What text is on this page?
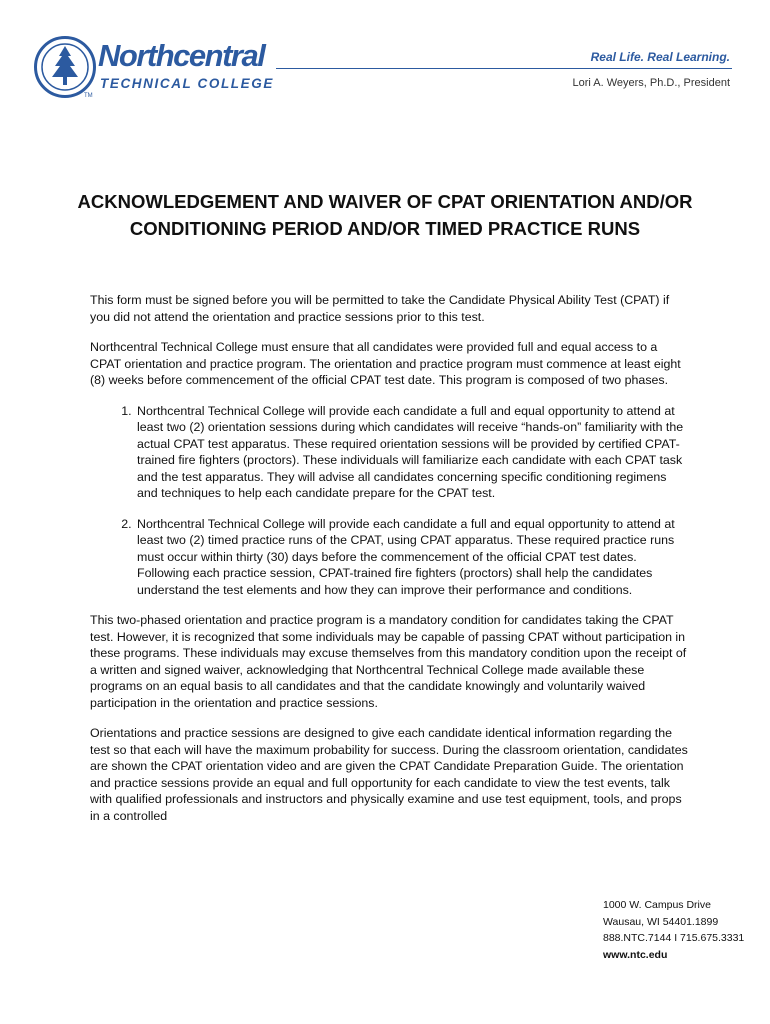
Northcentral
TECHNICAL COLLEGE
TM
Real Life. Real Learning.
Lori A. Weyers, Ph.D., President
ACKNOWLEDGEMENT AND WAIVER OF CPAT ORIENTATION AND/OR CONDITIONING PERIOD AND/OR TIMED PRACTICE RUNS

This form must be signed before you will be permitted to take the Candidate Physical Ability Test (CPAT) if you did not attend the orientation and practice sessions prior to this test.

Northcentral Technical College must ensure that all candidates were provided full and equal access to a CPAT orientation and practice program. The orientation and practice program must commence at least eight (8) weeks before commencement of the official CPAT test date. This program is composed of two phases.

1. Northcentral Technical College will provide each candidate a full and equal opportunity to attend at least two (2) orientation sessions during which candidates will receive “hands-on” familiarity with the actual CPAT test apparatus. These required orientation sessions will be provided by certified CPAT-trained fire fighters (proctors). These individuals will familiarize each candidate with each CPAT task and the test apparatus. They will advise all candidates concerning specific conditioning regimens and techniques to help each candidate prepare for the CPAT test.
2. Northcentral Technical College will provide each candidate a full and equal opportunity to attend at least two (2) timed practice runs of the CPAT, using CPAT apparatus. These required practice runs must occur within thirty (30) days before the commencement of the official CPAT test dates. Following each practice session, CPAT-trained fire fighters (proctors) shall help the candidates understand the test elements and how they can improve their performance and conditions.

This two-phased orientation and practice program is a mandatory condition for candidates taking the CPAT test. However, it is recognized that some individuals may be capable of passing CPAT without participation in these programs. These individuals may excuse themselves from this mandatory condition upon the receipt of a written and signed waiver, acknowledging that Northcentral Technical College made available these programs on an equal basis to all candidates and that the candidate knowingly and voluntarily waived participation in the orientation and practice sessions.

Orientations and practice sessions are designed to give each candidate identical information regarding the test so that each will have the maximum probability for success. During the classroom orientation, candidates are shown the CPAT orientation video and are given the CPAT Candidate Preparation Guide. The orientation and practice sessions provide an equal and full opportunity for each candidate to view the test events, talk with qualified professionals and instructors and physically examine and use test equipment, tools, and props in a controlled

1000 W. Campus Drive
Wausau, WI 54401.1899
888.NTC.7144 I 715.675.3331
www.ntc.edu
